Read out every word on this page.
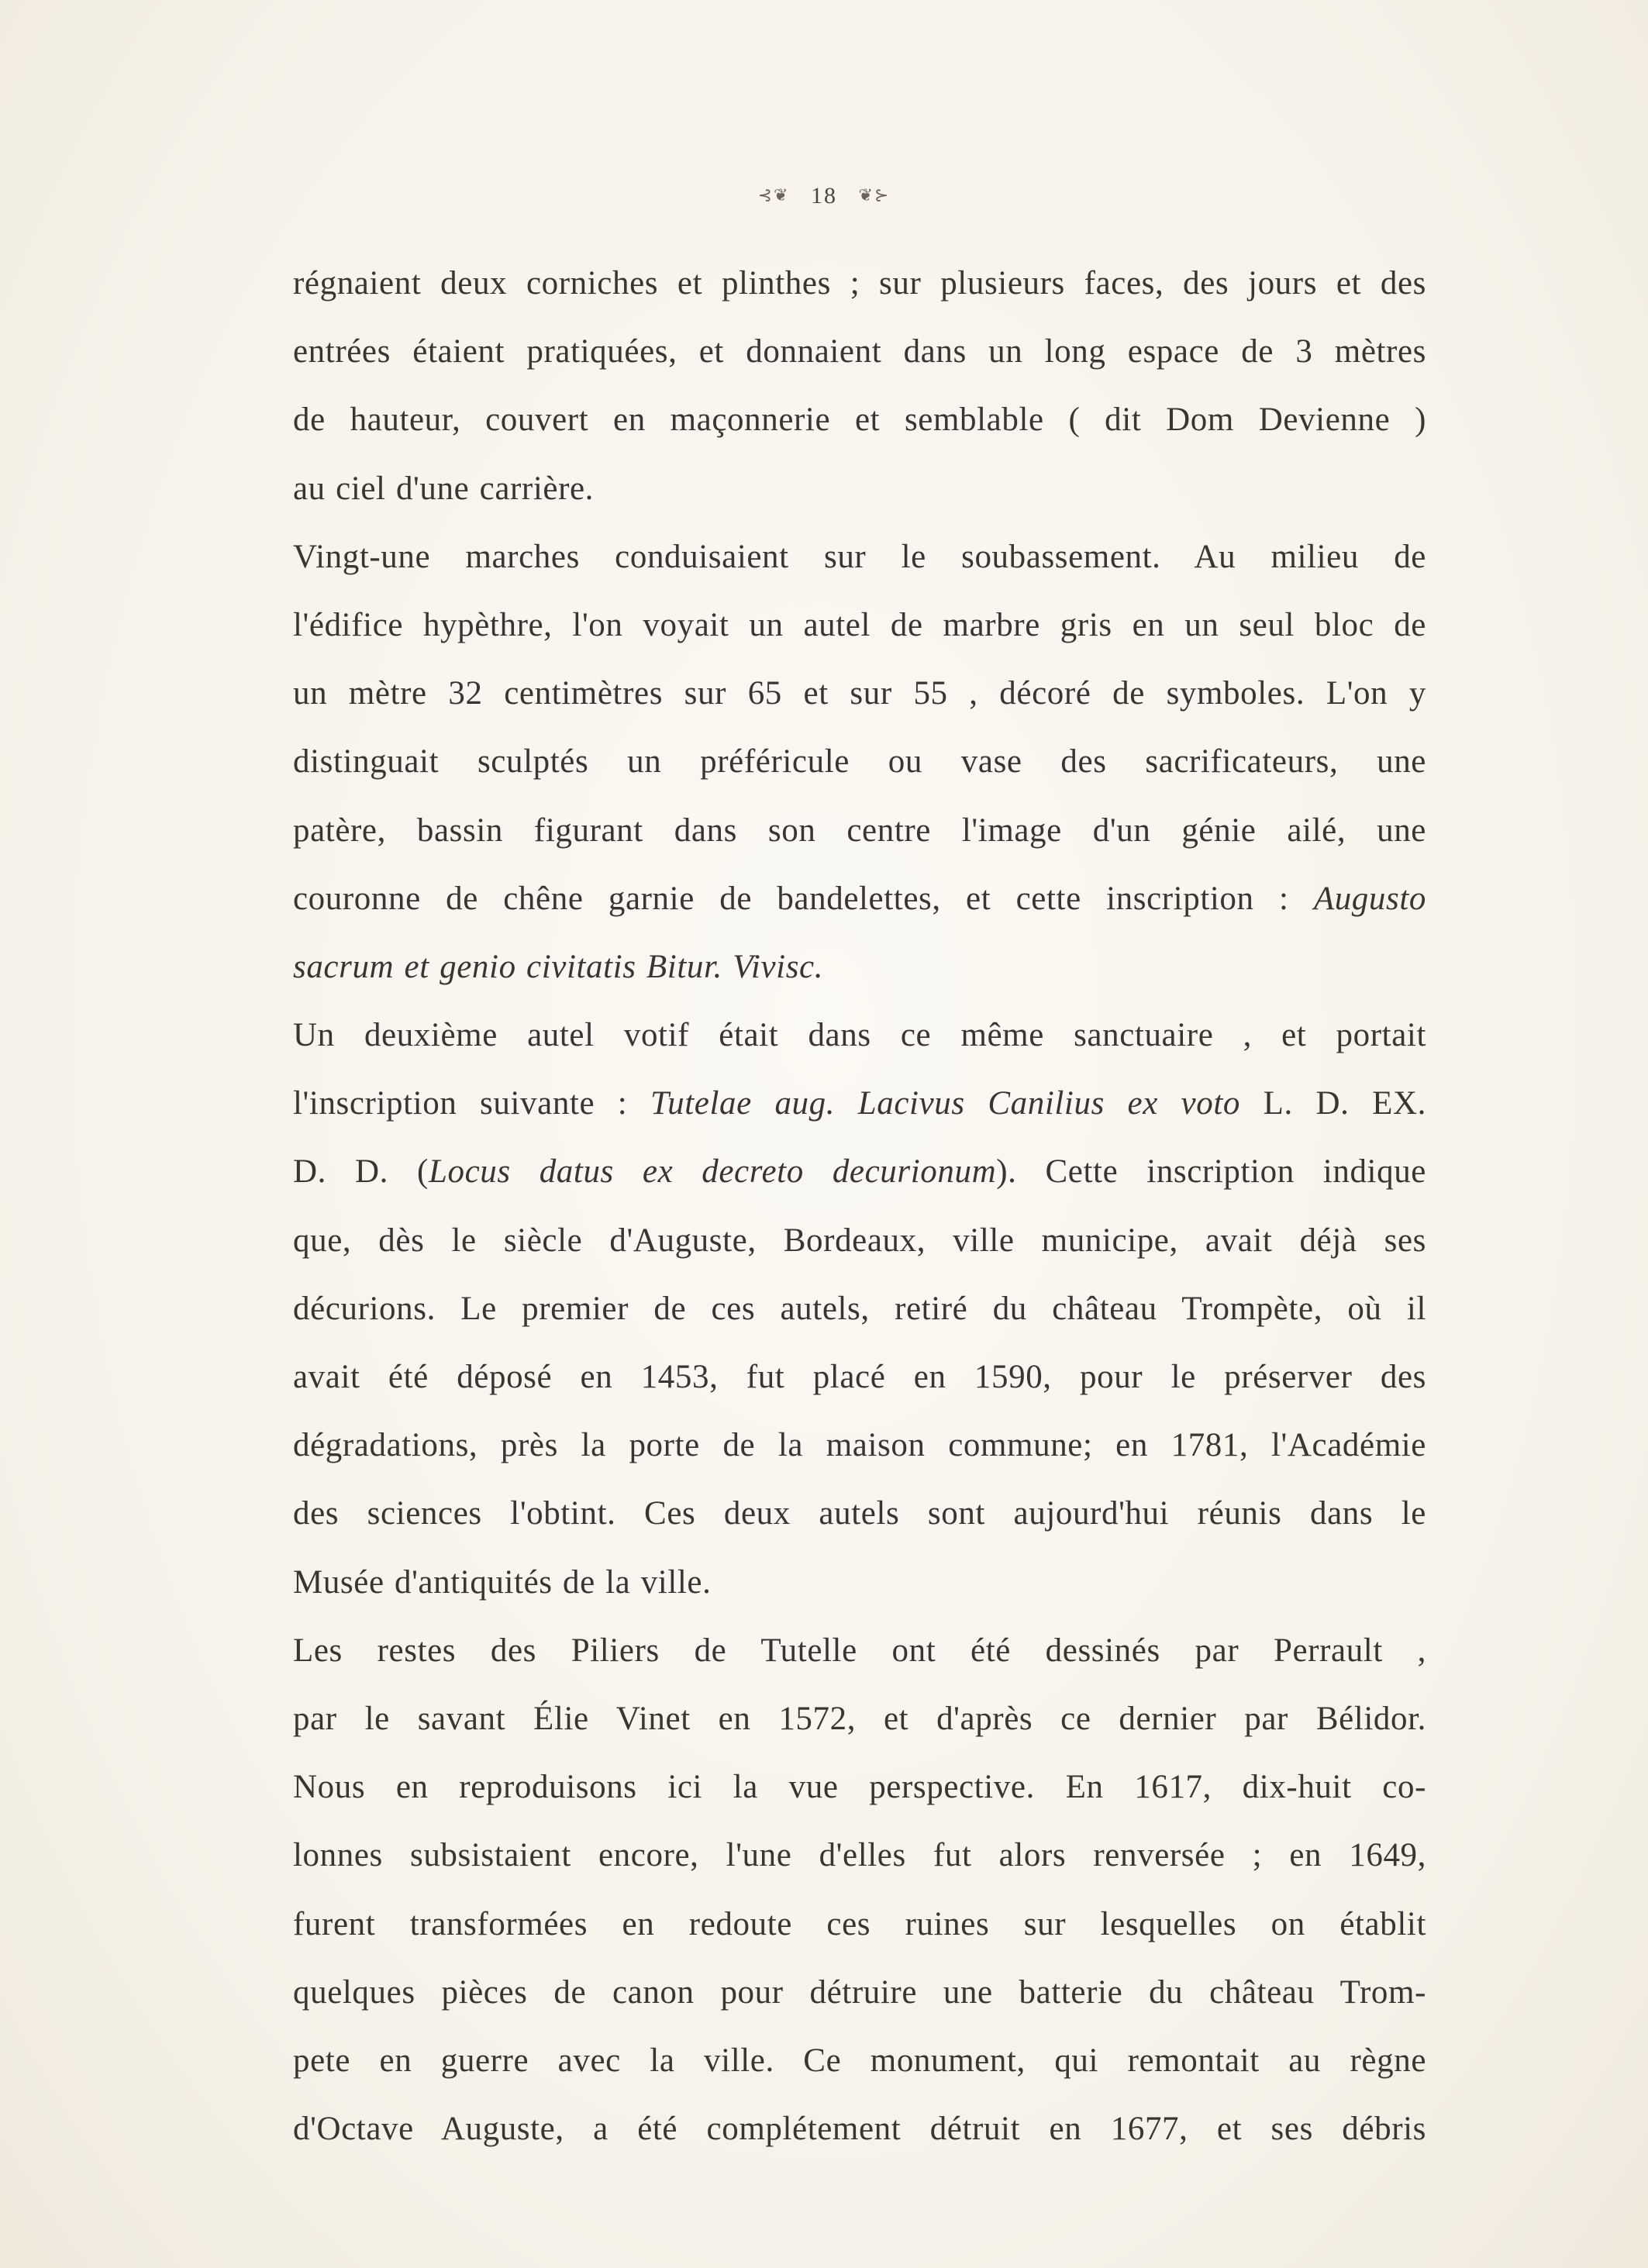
⊰❦ 18 ❦⊱
régnaient deux corniches et plinthes ; sur plusieurs faces, des jours et des
entrées étaient pratiquées, et donnaient dans un long espace de 3 mètres
de hauteur, couvert en maçonnerie et semblable ( dit Dom Devienne )
au ciel d'une carrière.
Vingt-une marches conduisaient sur le soubassement. Au milieu de
l'édifice hypèthre, l'on voyait un autel de marbre gris en un seul bloc de
un mètre 32 centimètres sur 65 et sur 55 , décoré de symboles. L'on y
distinguait sculptés un préféricule ou vase des sacrificateurs, une
patère, bassin figurant dans son centre l'image d'un génie ailé, une
couronne de chêne garnie de bandelettes, et cette inscription : Augusto
sacrum et genio civitatis Bitur. Vivisc.
Un deuxième autel votif était dans ce même sanctuaire , et portait
l'inscription suivante : Tutelae aug. Lacivus Canilius ex voto L. D. EX.
D. D. (Locus datus ex decreto decurionum). Cette inscription indique
que, dès le siècle d'Auguste, Bordeaux, ville municipe, avait déjà ses
décurions. Le premier de ces autels, retiré du château Trompète, où il
avait été déposé en 1453, fut placé en 1590, pour le préserver des
dégradations, près la porte de la maison commune; en 1781, l'Académie
des sciences l'obtint. Ces deux autels sont aujourd'hui réunis dans le
Musée d'antiquités de la ville.
Les restes des Piliers de Tutelle ont été dessinés par Perrault ,
par le savant Élie Vinet en 1572, et d'après ce dernier par Bélidor.
Nous en reproduisons ici la vue perspective. En 1617, dix-huit co-
lonnes subsistaient encore, l'une d'elles fut alors renversée ; en 1649,
furent transformées en redoute ces ruines sur lesquelles on établit
quelques pièces de canon pour détruire une batterie du château Trom-
pete en guerre avec la ville. Ce monument, qui remontait au règne
d'Octave Auguste, a été complétement détruit en 1677, et ses débris
